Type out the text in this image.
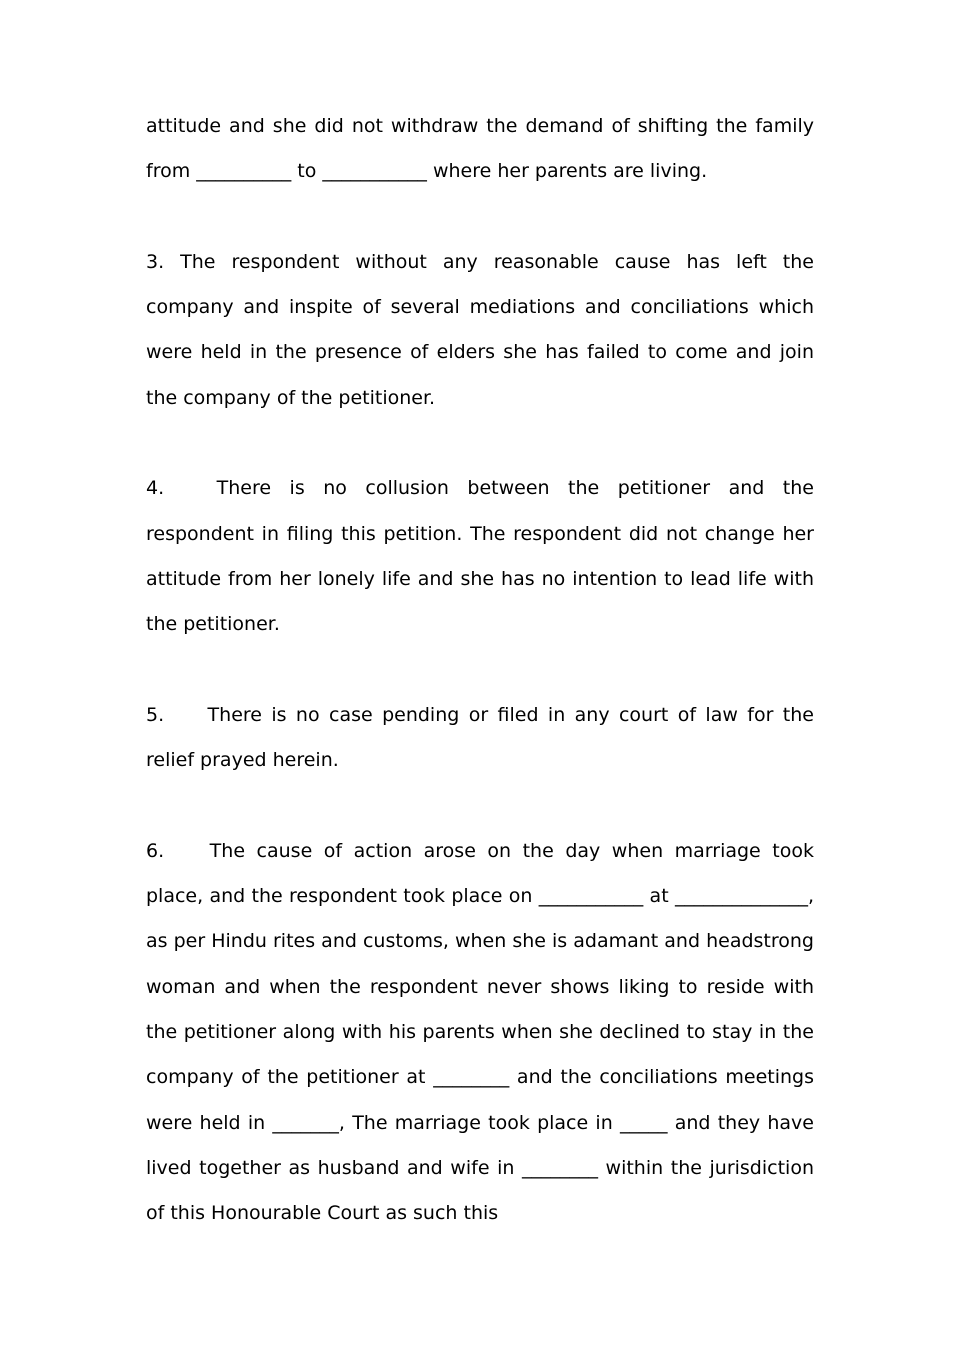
attitude and she did not withdraw the demand of shifting the family from __________ to ___________ where her parents are living.

3. The respondent without any reasonable cause has left the company and inspite of several mediations and conciliations which were held in the presence of elders she has failed to come and join the company of the petitioner.

4.	There is no collusion between the petitioner and the respondent in filing this petition. The respondent did not change her attitude from her lonely life and she has no intention to lead life with the petitioner.

5. There is no case pending or filed in any court of law for the relief prayed herein.

6. The cause of action arose on the day when marriage took place, and the respondent took place on ___________ at ______________, as per Hindu rites and customs, when she is adamant and headstrong woman and when the respondent never shows liking to reside with the petitioner along with his parents when she declined to stay in the company of the petitioner at ________ and the conciliations meetings were held in _______, The marriage took place in _____ and they have lived together as husband and wife in ________ within the jurisdiction of this Honourable Court as such this
